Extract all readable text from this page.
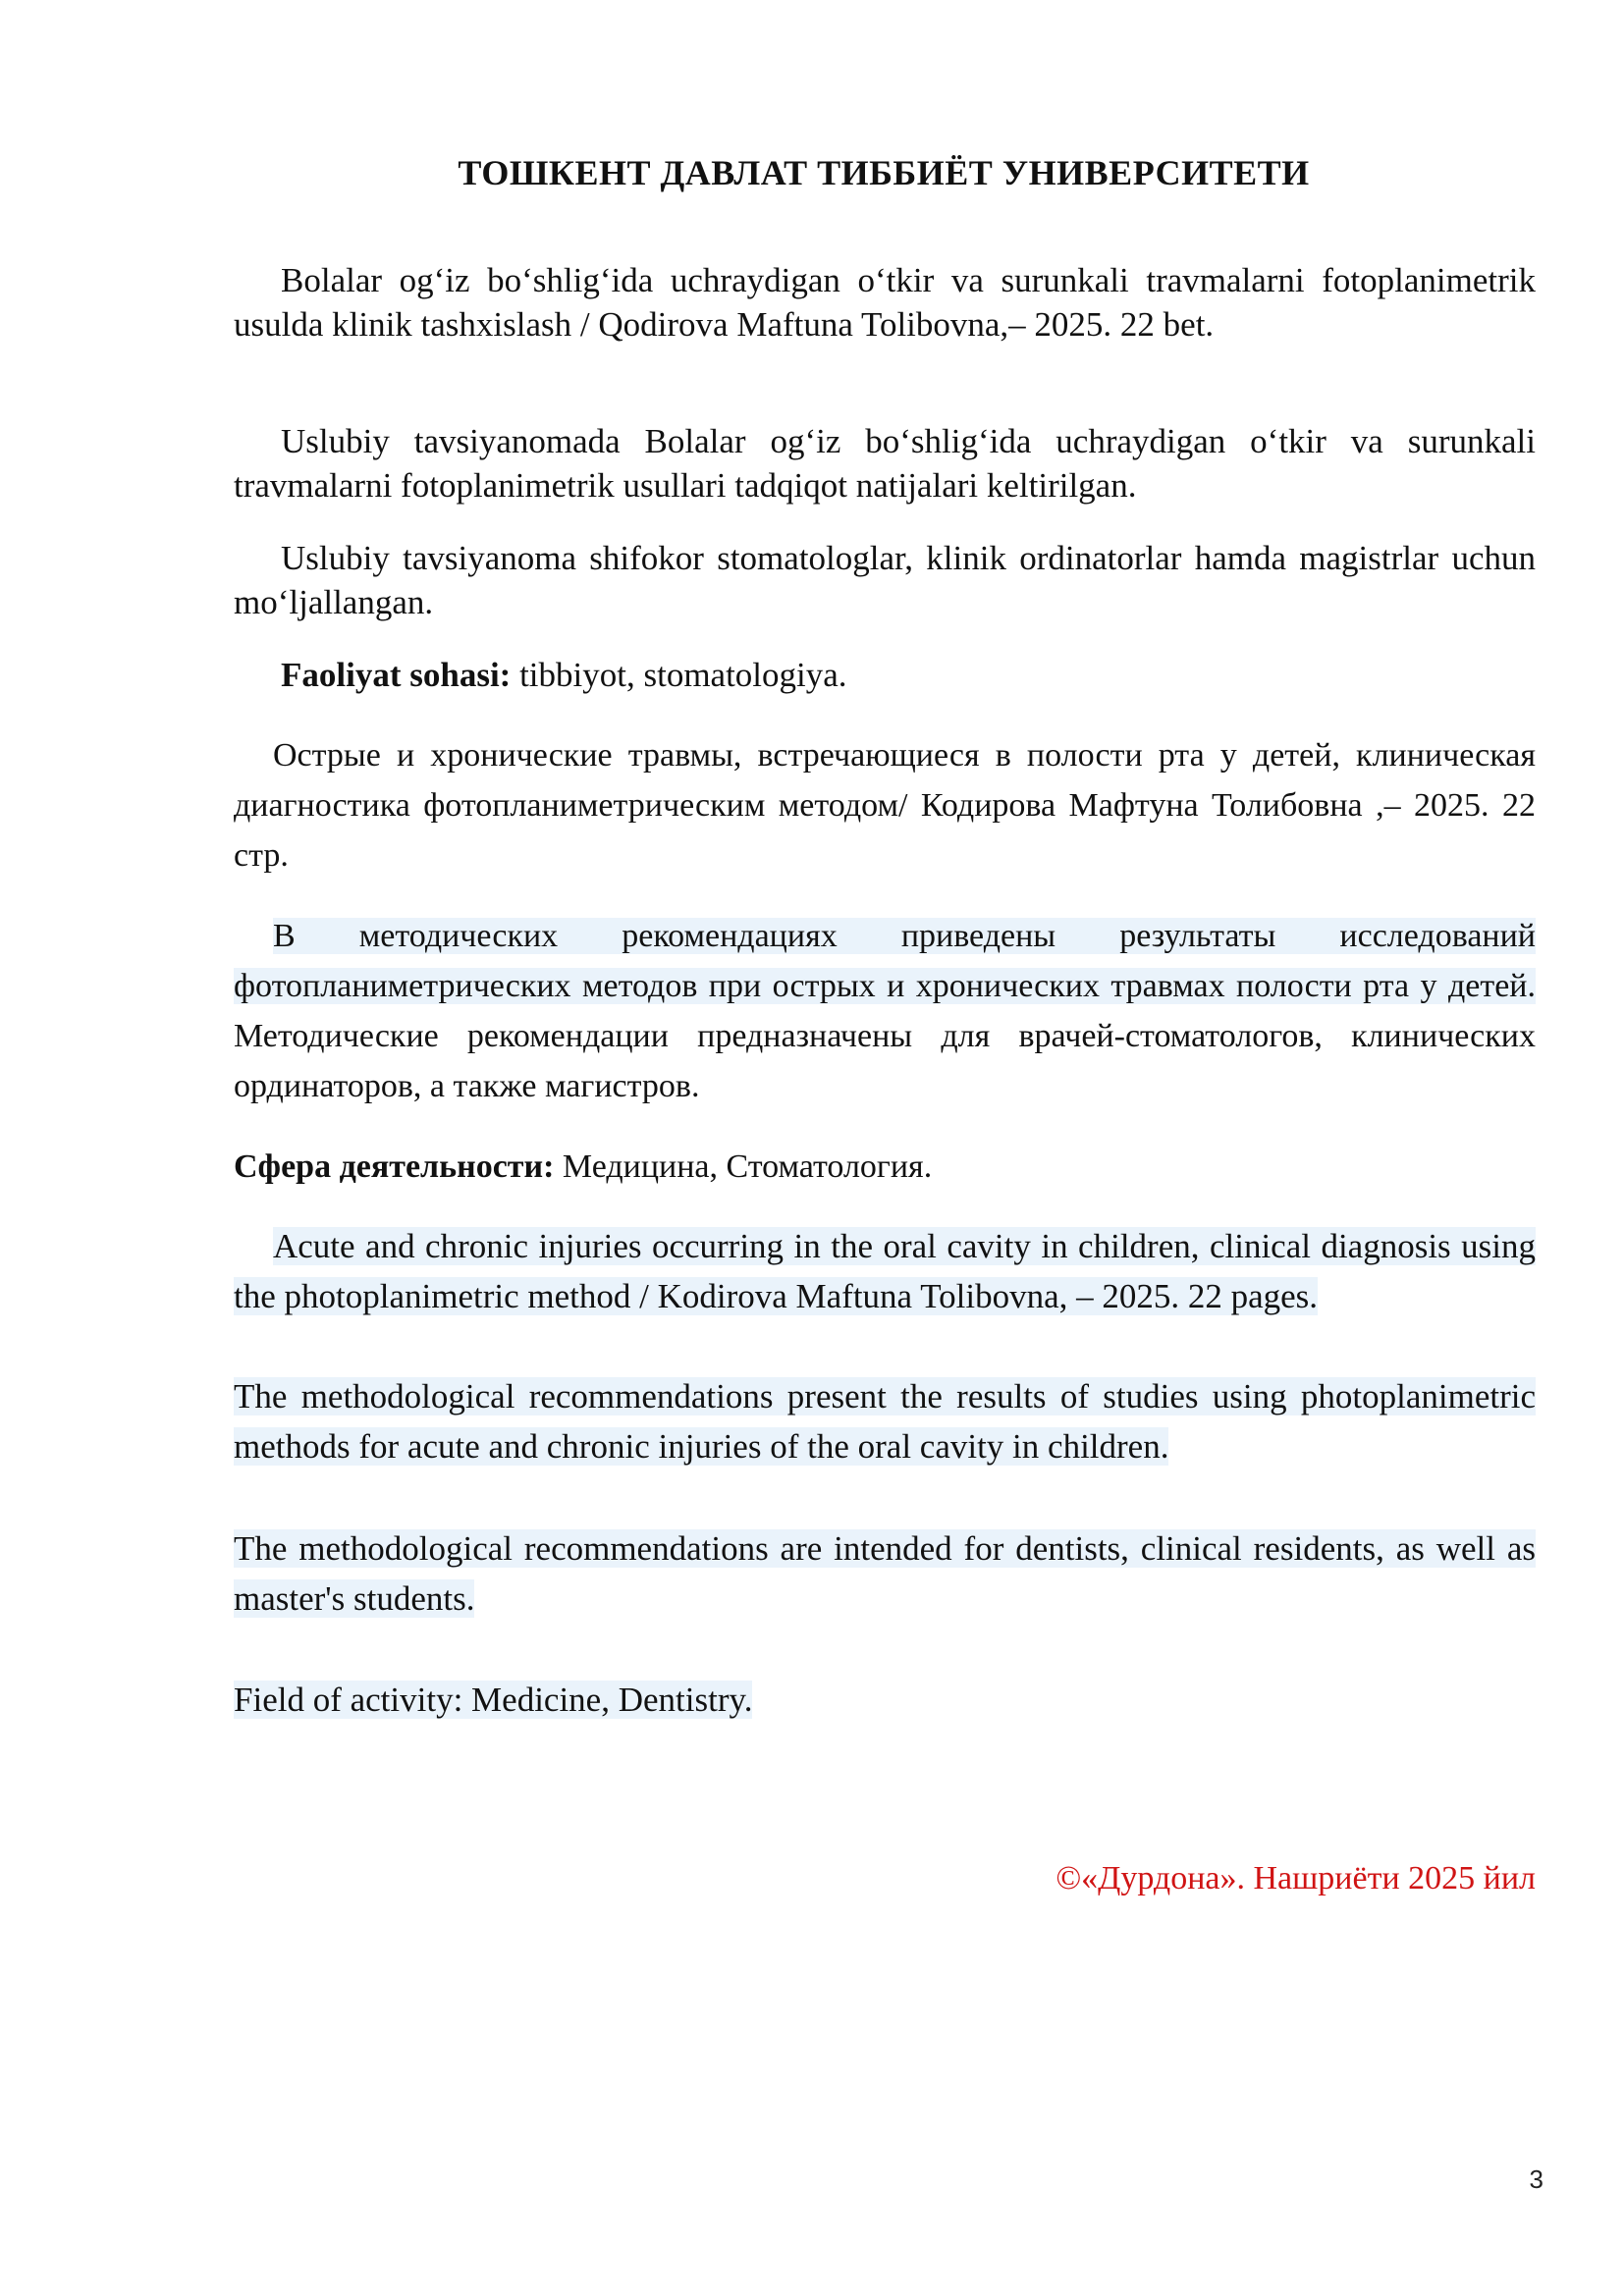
ТОШКЕНТ ДАВЛАТ ТИББИЁТ УНИВЕРСИТЕТИ

Bolalar og‘iz bo‘shlig‘ida uchraydigan o‘tkir va surunkali travmalarni fotoplanimetrik usulda klinik tashxislash / Qodirova Maftuna Tolibovna,– 2025. 22 bet.

Uslubiy tavsiyanomada Bolalar og‘iz bo‘shlig‘ida uchraydigan o‘tkir va surunkali travmalarni fotoplanimetrik usullari tadqiqot natijalari keltirilgan.

Uslubiy tavsiyanoma shifokor stomatologlar, klinik ordinatorlar hamda magistrlar uchun mo‘ljallangan.

Faoliyat sohasi: tibbiyot, stomatologiya.

Острые и хронические травмы, встречающиеся в полости рта у детей, клиническая диагностика фотопланиметрическим методом/ Кодирова Мафтуна Толибовна ,– 2025. 22 стр.

В методических рекомендациях приведены результаты исследований фотопланиметрических методов при острых и хронических травмах полости рта у детей. Методические рекомендации предназначены для врачей-стоматологов, клинических ординаторов, а также магистров.

Сфера деятельности: Медицина, Стоматология.

Acute and chronic injuries occurring in the oral cavity in children, clinical diagnosis using the photoplanimetric method / Kodirova Maftuna Tolibovna, – 2025. 22 pages.

The methodological recommendations present the results of studies using photoplanimetric methods for acute and chronic injuries of the oral cavity in children.

The methodological recommendations are intended for dentists, clinical residents, as well as master's students.

Field of activity: Medicine, Dentistry.

©«Дурдона». Нашриёти 2025 йил
3
